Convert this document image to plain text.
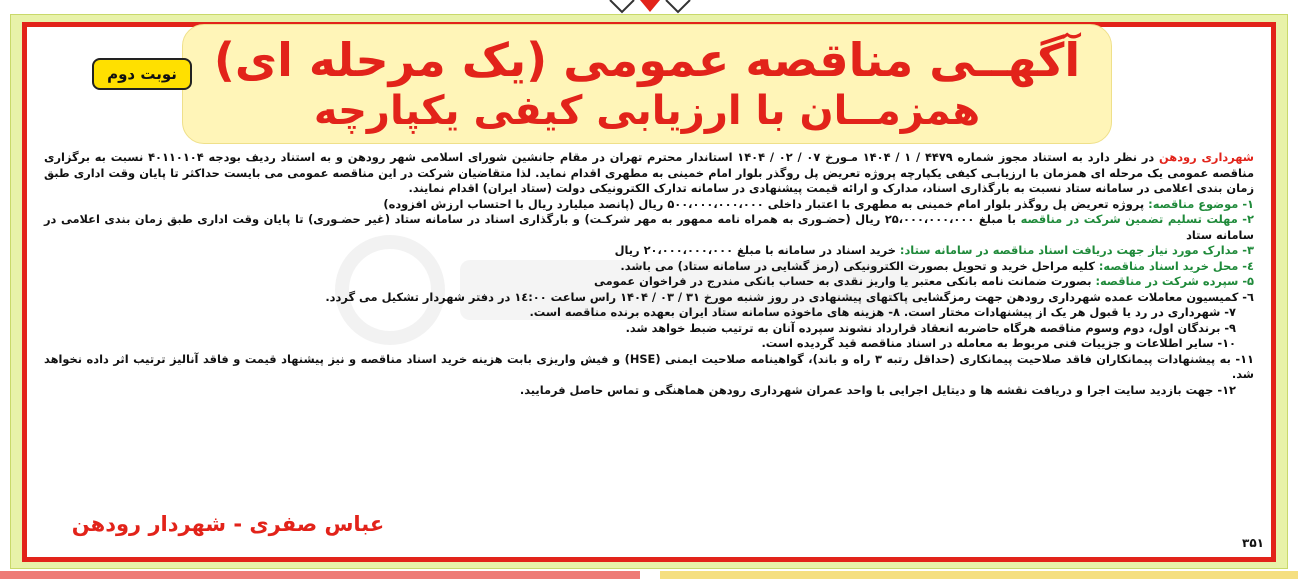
آگهــی مناقصه عمومی (یک مرحله ای)
همزمــان با ارزیابی کیفی یکپارچه
نوبت دوم

شهرداری رودهن در نظر دارد به استناد مجوز شماره ۴۴۷۹ / ۱ / ۱۴۰۴ مـورخ ۰۷ / ۰۲ / ۱۴۰۴ استاندار محترم تهران در مقام جانشین شورای اسلامی شهر رودهن و به استناد ردیف بودجه ۴۰۱۱۰۱۰۴ نسبت به برگزاری مناقصه عمومی یک مرحله ای همزمان با ارزیابـی کیفی یکپارچه پروژه تعریض پل روگذر بلوار امام خمینی به مطهری اقدام نماید. لذا متقاضیان شرکت در این مناقصه عمومی می بایست حداکثر تا پایان وقت اداری طبق زمان بندی اعلامی در سامانه ستاد نسبت به بارگذاری اسناد، مدارک و ارائه قیمت پیشنهادی در سامانه تدارک الکترونیکی دولت (ستاد ایران) اقدام نمایند.

۱- موضوع مناقصه: پروژه تعریض پل روگذر بلوار امام خمینی به مطهری با اعتبار داخلی ۵۰۰،۰۰۰،۰۰۰،۰۰۰ ریال (پانصد میلیارد ریال با احتساب ارزش افزوده)

۲- مهلت تسلیم تضمین شرکت در مناقصه با مبلغ ۲۵،۰۰۰،۰۰۰،۰۰۰ ریال (حضـوری به همراه نامه ممهور به مهر شرکـت) و بارگذاری اسناد در سامانه ستاد (غیر حضـوری) تا پایان وقت اداری طبق زمان بندی اعلامی در سامانه ستاد

۳- مدارک مورد نیاز جهت دریافت اسناد مناقصه در سامانه ستاد: خرید اسناد در سامانه با مبلغ ۲۰،۰۰۰،۰۰۰،۰۰۰ ریال

٤- محل خرید اسناد مناقصه: کلیه مراحل خرید و تحویل بصورت الکترونیکی (رمز گشایی در سامانه ستاد) می باشد.

۵- سپرده شرکت در مناقصه: بصورت ضمانت نامه بانکی معتبر یا واریز نقدی به حساب بانکی مندرج در فراخوان عمومی

٦- کمیسیون معاملات عمده شهرداری رودهن جهت رمزگشایی پاکتهای پیشنهادی در روز شنبه مورخ ۳۱ / ۰۳ / ۱۴۰۴ راس ساعت ۱٤:۰۰ در دفتر شهردار تشکیل می گردد.

۷- شهرداری در رد یا قبول هر یک از پیشنهادات مختار است. ۸- هزینه های ماخوذه سامانه ستاد ایران بعهده برنده مناقصه است.

۹- برندگان اول، دوم وسوم مناقصه هرگاه حاضربه انعقاد قرارداد نشوند سپرده آنان به ترتیب ضبط خواهد شد.

۱۰- سایر اطلاعات و جزییات فنی مربوط به معامله در اسناد مناقصه قید گردیده است.

۱۱- به پیشنهادات پیمانکاران فاقد صلاحیت پیمانکاری (حداقل رتبه ۳ راه و باند)، گواهینامه صلاحیت ایمنی (HSE) و فیش واریزی بابت هزینه خرید اسناد مناقصه و نیز پیشنهاد قیمت و فاقد آنالیز ترتیب اثر داده نخواهد شد.

۱۲- جهت بازدید سایت اجرا و دریافت نقشه ها و دیتایل اجرایی با واحد عمران شهرداری رودهن هماهنگی و تماس حاصل فرمایید.

عباس صفری - شهردار رودهن
۳۵۱
